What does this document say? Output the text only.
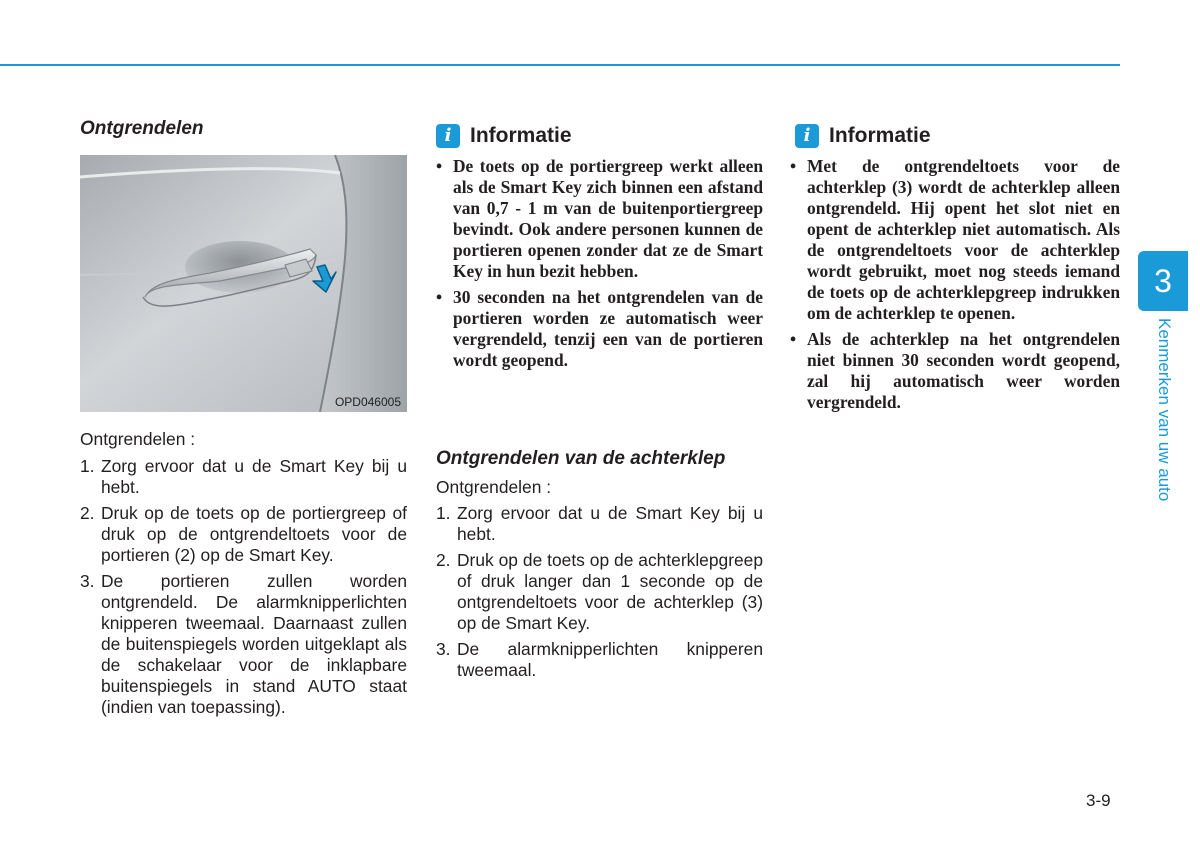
Ontgrendelen
OPD046005

Ontgrendelen :

1. Zorg ervoor dat u de Smart Key bij u hebt.
2. Druk op de toets op de portiergreep of druk op de ontgrendeltoets voor de portieren (2) op de Smart Key.
3. De portieren zullen worden ontgrendeld. De alarmknipperlichten knipperen tweemaal. Daarnaast zullen de buitenspiegels worden uitgeklapt als de schakelaar voor de inklapbare buitenspiegels in stand AUTO staat (indien van toepassing).
i Informatie
• De toets op de portiergreep werkt alleen als de Smart Key zich binnen een afstand van 0,7 - 1 m van de buitenportiergreep bevindt. Ook andere personen kunnen de portieren openen zonder dat ze de Smart Key in hun bezit hebben.
• 30 seconden na het ontgrendelen van de portieren worden ze automatisch weer vergrendeld, tenzij een van de portieren wordt geopend.
Ontgrendelen van de achterklep

Ontgrendelen :

1. Zorg ervoor dat u de Smart Key bij u hebt.
2. Druk op de toets op de achterklepgreep of druk langer dan 1 seconde op de ontgrendeltoets voor de achterklep (3) op de Smart Key.
3. De alarmknipperlichten knipperen tweemaal.
i Informatie
• Met de ontgrendeltoets voor de achterklep (3) wordt de achterklep alleen ontgrendeld. Hij opent het slot niet en opent de achterklep niet automatisch. Als de ontgrendeltoets voor de achterklep wordt gebruikt, moet nog steeds iemand de toets op de achterklepgreep indrukken om de achterklep te openen.
• Als de achterklep na het ontgrendelen niet binnen 30 seconden wordt geopend, zal hij automatisch weer worden vergrendeld.
3
Kenmerken van uw auto
3-9
